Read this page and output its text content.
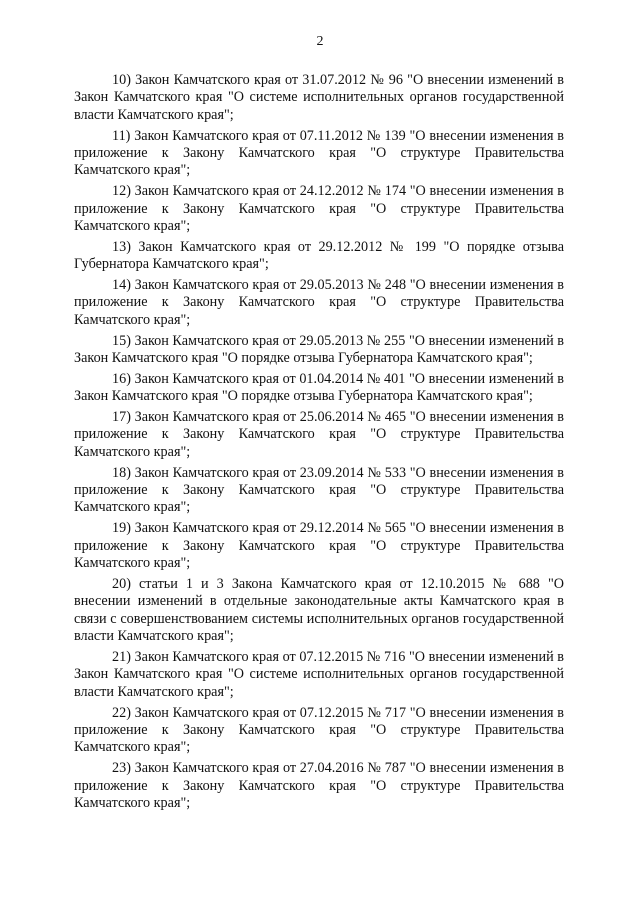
2

10) Закон Камчатского края от 31.07.2012 № 96 "О внесении изменений в Закон Камчатского края "О системе исполнительных органов государственной власти Камчатского края";

11) Закон Камчатского края от 07.11.2012 № 139 "О внесении изменения в приложение к Закону Камчатского края "О структуре Правительства Камчатского края";

12) Закон Камчатского края от 24.12.2012 № 174 "О внесении изменения в приложение к Закону Камчатского края "О структуре Правительства Камчатского края";

13) Закон Камчатского края от 29.12.2012 № 199 "О порядке отзыва Губернатора Камчатского края";

14) Закон Камчатского края от 29.05.2013 № 248 "О внесении изменения в приложение к Закону Камчатского края "О структуре Правительства Камчатского края";

15) Закон Камчатского края от 29.05.2013 № 255 "О внесении изменений в Закон Камчатского края "О порядке отзыва Губернатора Камчатского края";

16) Закон Камчатского края от 01.04.2014 № 401 "О внесении изменений в Закон Камчатского края "О порядке отзыва Губернатора Камчатского края";

17) Закон Камчатского края от 25.06.2014 № 465 "О внесении изменения в приложение к Закону Камчатского края "О структуре Правительства Камчатского края";

18) Закон Камчатского края от 23.09.2014 № 533 "О внесении изменения в приложение к Закону Камчатского края "О структуре Правительства Камчатского края";

19) Закон Камчатского края от 29.12.2014 № 565 "О внесении изменения в приложение к Закону Камчатского края "О структуре Правительства Камчатского края";

20) статьи 1 и 3 Закона Камчатского края от 12.10.2015 № 688 "О внесении изменений в отдельные законодательные акты Камчатского края в связи с совершенствованием системы исполнительных органов государственной власти Камчатского края";

21) Закон Камчатского края от 07.12.2015 № 716 "О внесении изменений в Закон Камчатского края "О системе исполнительных органов государственной власти Камчатского края";

22) Закон Камчатского края от 07.12.2015 № 717 "О внесении изменения в приложение к Закону Камчатского края "О структуре Правительства Камчатского края";

23) Закон Камчатского края от 27.04.2016 № 787 "О внесении изменения в приложение к Закону Камчатского края "О структуре Правительства Камчатского края";
